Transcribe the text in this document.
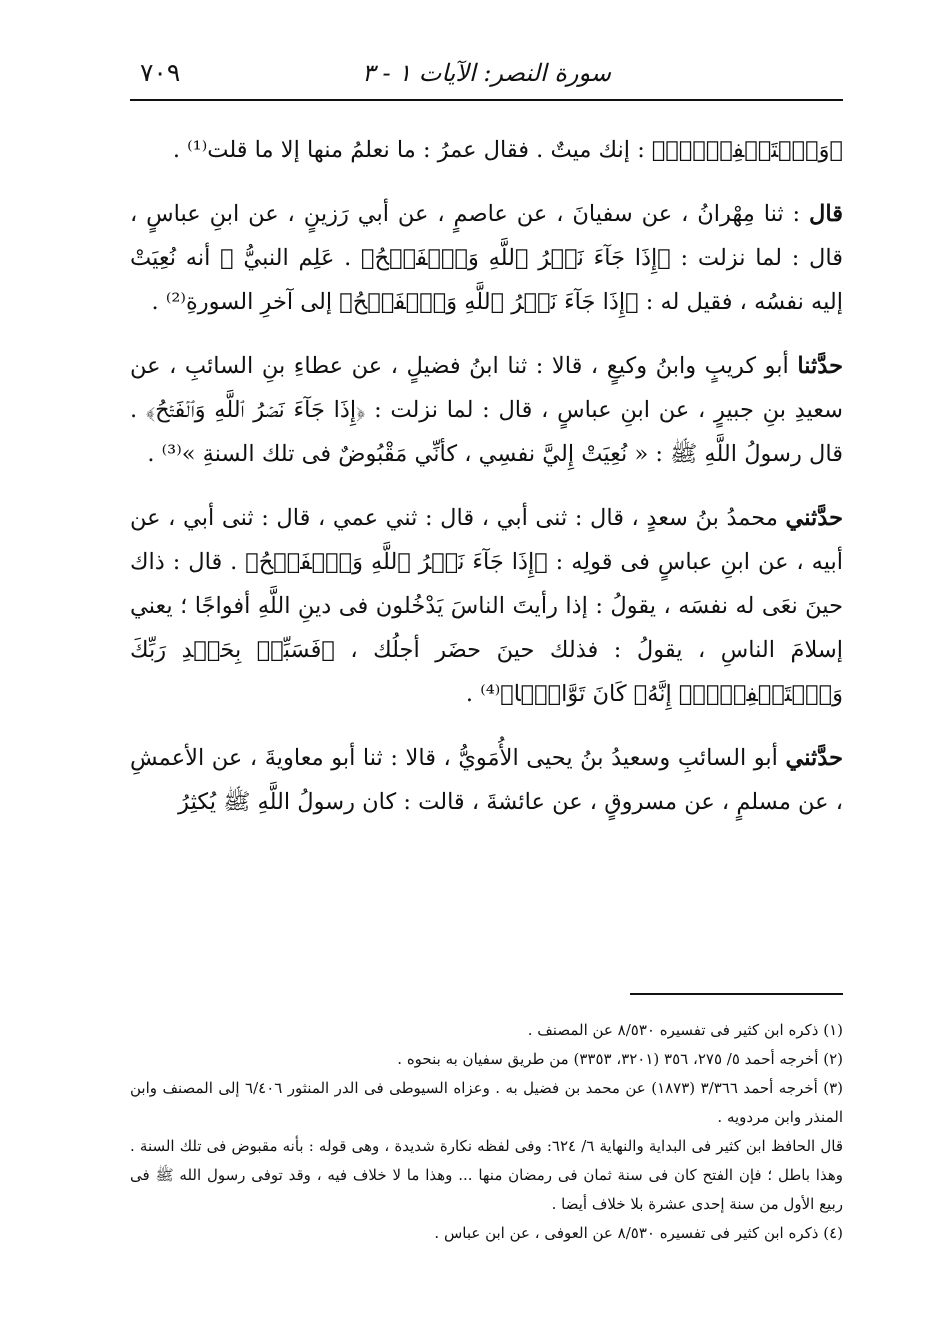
٧٠٩	سورة النصر: الآيات ١ - ٣

﴿وَٱسۡتَغۡفِرۡهُۚ﴾ : إنك ميتٌ . فقال عمرُ : ما نعلمُ منها إلا ما قلت⁽¹⁾ .

قال : ثنا مِهْرانُ ، عن سفيانَ ، عن عاصمٍ ، عن أبي رَزينٍ ، عن ابنِ عباسٍ ، قال : لما نزلت : ﴿إِذَا جَآءَ نَصۡرُ ٱللَّهِ وَٱلۡفَتۡحُ﴾ . عَلِم النبيُّ ﷺ أنه نُعِيَتْ إليه نفسُه ، فقيل له : ﴿إِذَا جَآءَ نَصۡرُ ٱللَّهِ وَٱلۡفَتۡحُ﴾ إلى آخرِ السورةِ⁽²⁾ .

حدَّثنا أبو كريبٍ وابنُ وكيعٍ ، قالا : ثنا ابنُ فضيلٍ ، عن عطاءِ بنِ السائبِ ، عن سعيدِ بنِ جبيرٍ ، عن ابنِ عباسٍ ، قال : لما نزلت : ﴿إِذَا جَآءَ نَصۡرُ ٱللَّهِ وَٱلۡفَتۡحُ﴾ . قال رسولُ اللَّهِ ﷺ : « نُعِيَتْ إِليَّ نفسِي ، كأنِّي مَقْبُوضٌ فى تلك السنةِ »⁽³⁾ .

حدَّثني محمدُ بنُ سعدٍ ، قال : ثنى أبي ، قال : ثني عمي ، قال : ثنى أبي ، عن أبيه ، عن ابنِ عباسٍ فى قولِه : ﴿إِذَا جَآءَ نَصۡرُ ٱللَّهِ وَٱلۡفَتۡحُ﴾ . قال : ذاك حينَ نعَى له نفسَه ، يقولُ : إذا رأيتَ الناسَ يَدْخُلون فى دينِ اللَّهِ أفواجًا ؛ يعني إسلامَ الناسِ ، يقولُ : فذلك حينَ حضَر أجلُك ، ﴿فَسَبِّحۡ بِحَمۡدِ رَبِّكَ وَٱسۡتَغۡفِرۡهُۚ إِنَّهُۥ كَانَ تَوَّابَۢا﴾⁽⁴⁾ .

حدَّثني أبو السائبِ وسعيدُ بنُ يحيى الأُمَويُّ ، قالا : ثنا أبو معاويةَ ، عن الأعمشِ ، عن مسلمٍ ، عن مسروقٍ ، عن عائشةَ ، قالت : كان رسولُ اللَّهِ ﷺ يُكثِرُ

(١) ذكره ابن كثير فى تفسيره ٨/٥٣٠ عن المصنف .

(٢) أخرجه أحمد ٥/ ٢٧٥، ٣٥٦ (٣٢٠١، ٣٣٥٣) من طريق سفيان به بنحوه .

(٣) أخرجه أحمد ٣/٣٦٦ (١٨٧٣) عن محمد بن فضيل به . وعزاه السيوطى فى الدر المنثور ٦/٤٠٦ إلى المصنف وابن المنذر وابن مردويه .

قال الحافظ ابن كثير فى البداية والنهاية ٦/ ٦٢٤: وفى لفظه نكارة شديدة ، وهى قوله : بأنه مقبوض فى تلك السنة . وهذا باطل ؛ فإن الفتح كان فى سنة ثمان فى رمضان منها ... وهذا ما لا خلاف فيه ، وقد توفى رسول الله ﷺ فى ربيع الأول من سنة إحدى عشرة بلا خلاف أيضا .

(٤) ذكره ابن كثير فى تفسيره ٨/٥٣٠ عن العوفى ، عن ابن عباس .
